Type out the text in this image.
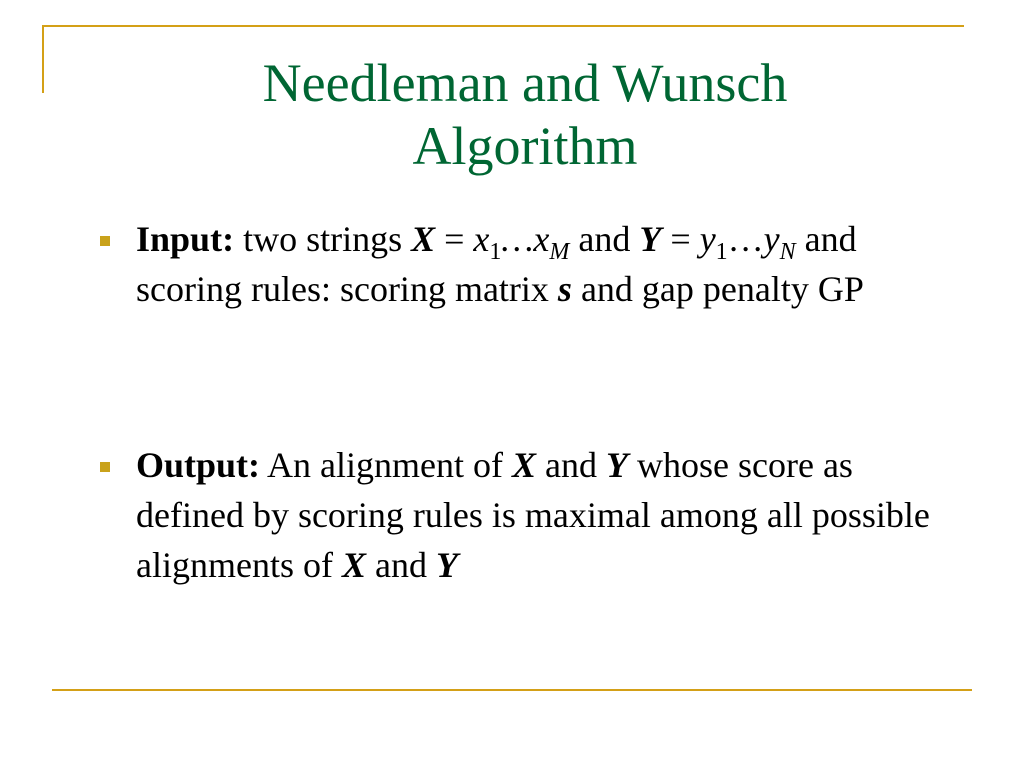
Needleman and Wunsch
Algorithm

Input: two strings $X = x_1\dots x_M$ and $Y = y_1\dots y_N$ and scoring rules: scoring matrix s and gap penalty GP

Output: An alignment of X and Y whose score as defined by scoring rules is maximal among all possible alignments of X and Y
